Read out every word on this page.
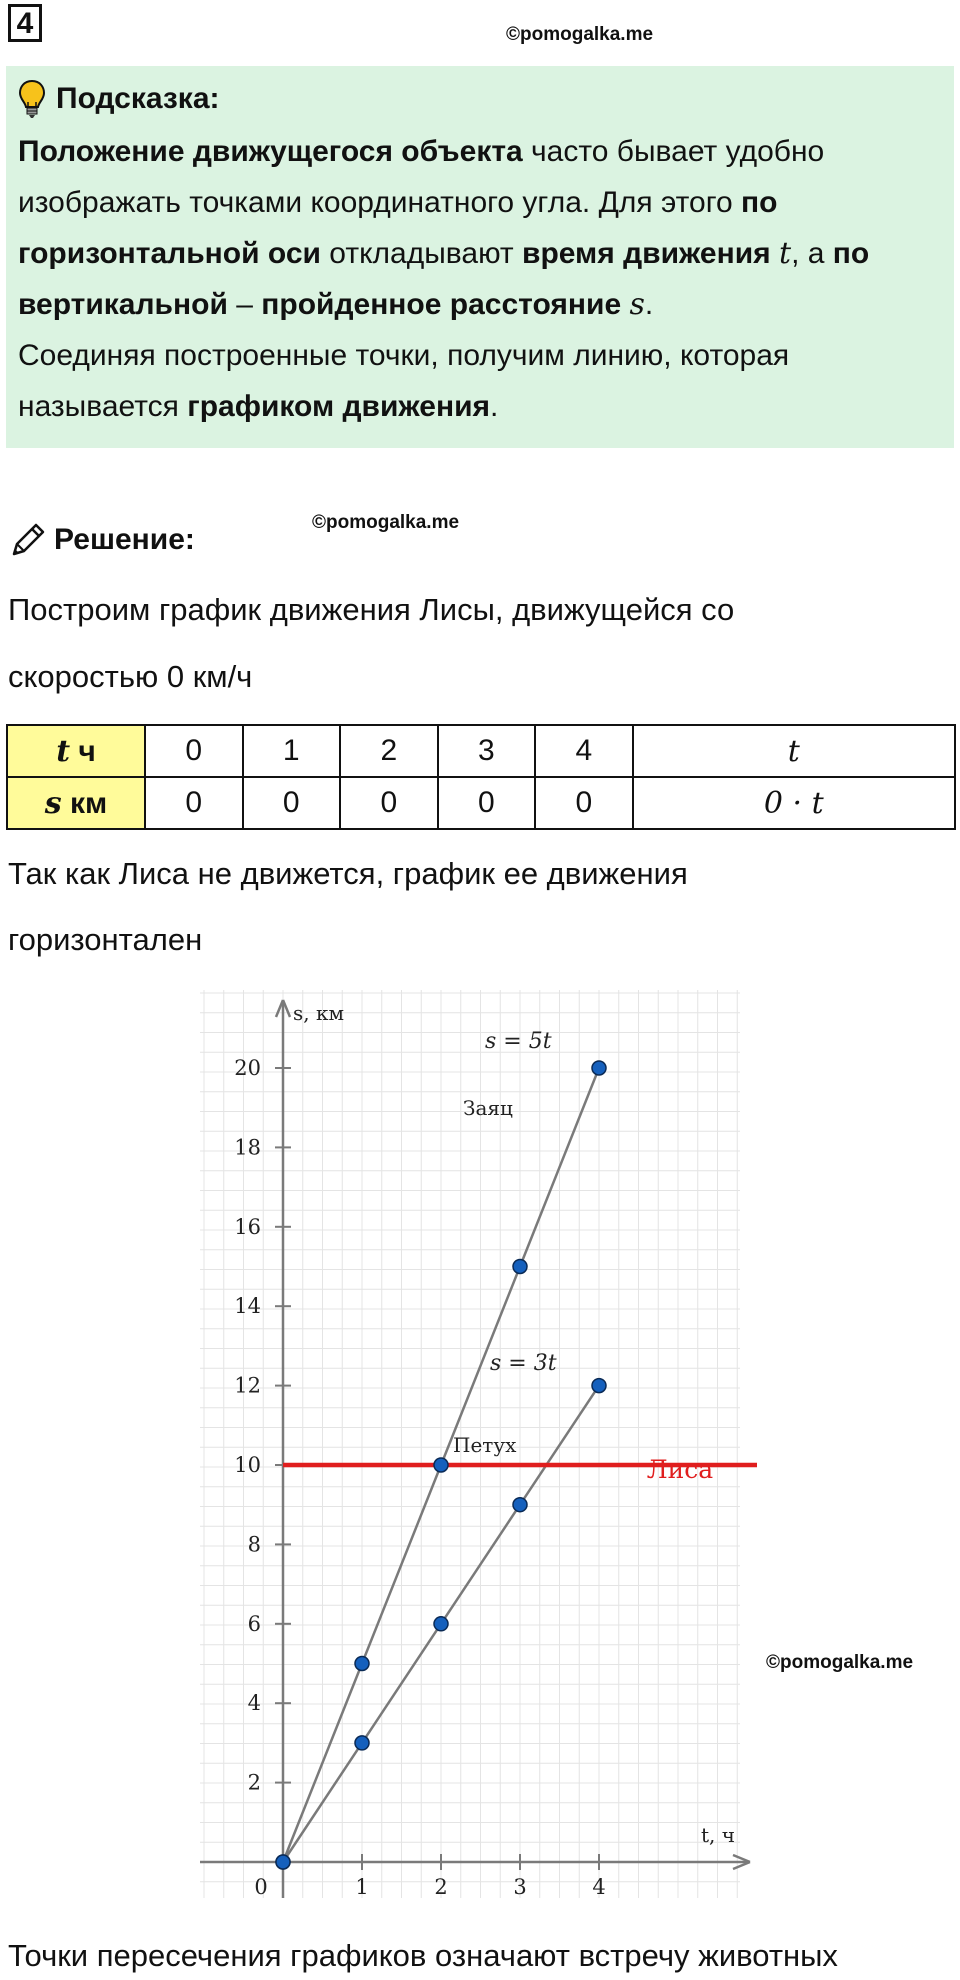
4	©pomogalka.me
Подсказка:
Положение движущегося объекта часто бывает удобно изображать точками координатного угла. Для этого по горизонтальной оси откладывают время движения t, а по вертикальной – пройденное расстояние s.
Соединяя построенные точки, получим линию, которая называется графиком движения.
Решение:
©pomogalka.me
Построим график движения Лисы, движущейся со
скоростью 0 км/ч
t ч	0	1	2	3	4	t
s км	0	0	0	0	0	0 · t
Так как Лиса не движется, график ее движения
горизонтален
t, ч
s, км
0	1	2	3	4
2
4
6
8
10
12
14
16
18
20
s = 5t
s = 3t
Заяц
Петух
Лиса
©pomogalka.me
Точки пересечения графиков означают встречу животных
